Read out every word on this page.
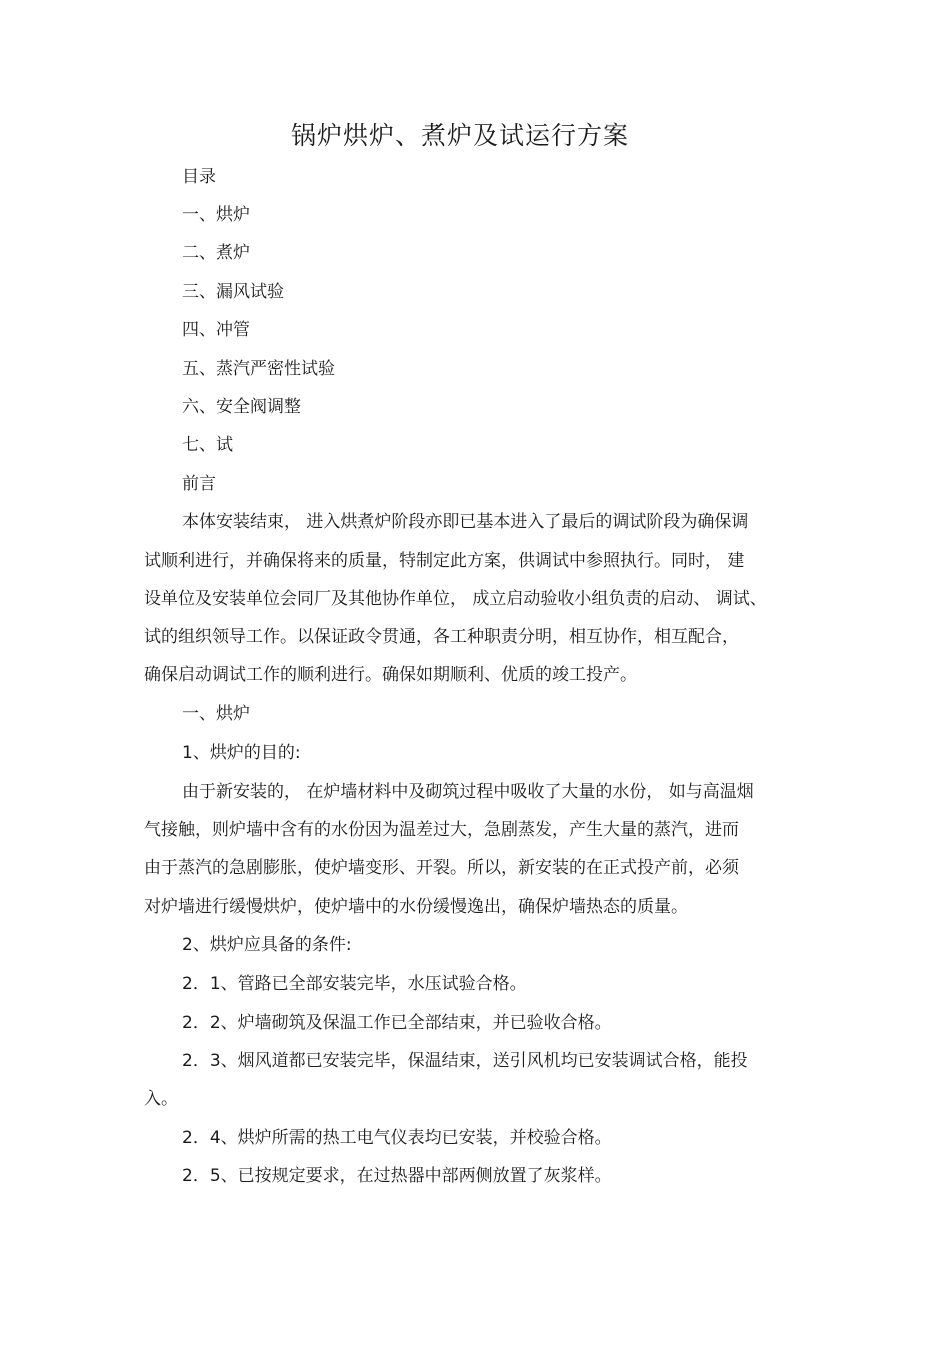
锅炉烘炉、煮炉及试运行方案
目录
一、烘炉
二、煮炉
三、漏风试验
四、冲管
五、蒸汽严密性试验
六、安全阀调整
七、试
前言
本体安装结束， 进入烘煮炉阶段亦即已基本进入了最后的调试阶段为确保调
试顺利进行，并确保将来的质量，特制定此方案，供调试中参照执行。同时， 建
设单位及安装单位会同厂及其他协作单位， 成立启动验收小组负责的启动、 调试、
试的组织领导工作。以保证政令贯通，各工种职责分明，相互协作，相互配合，
确保启动调试工作的顺利进行。确保如期顺利、优质的竣工投产。
一、烘炉
1、烘炉的目的:
由于新安装的， 在炉墙材料中及砌筑过程中吸收了大量的水份， 如与高温烟
气接触，则炉墙中含有的水份因为温差过大，急剧蒸发，产生大量的蒸汽，进而
由于蒸汽的急剧膨胀，使炉墙变形、开裂。所以，新安装的在正式投产前，必须
对炉墙进行缓慢烘炉，使炉墙中的水份缓慢逸出，确保炉墙热态的质量。
2、烘炉应具备的条件:
2．1、管路已全部安装完毕，水压试验合格。
2．2、炉墙砌筑及保温工作已全部结束，并已验收合格。
2．3、烟风道都已安装完毕，保温结束，送引风机均已安装调试合格，能投
入。
2．4、烘炉所需的热工电气仪表均已安装，并校验合格。
2．5、已按规定要求，在过热器中部两侧放置了灰浆样。
